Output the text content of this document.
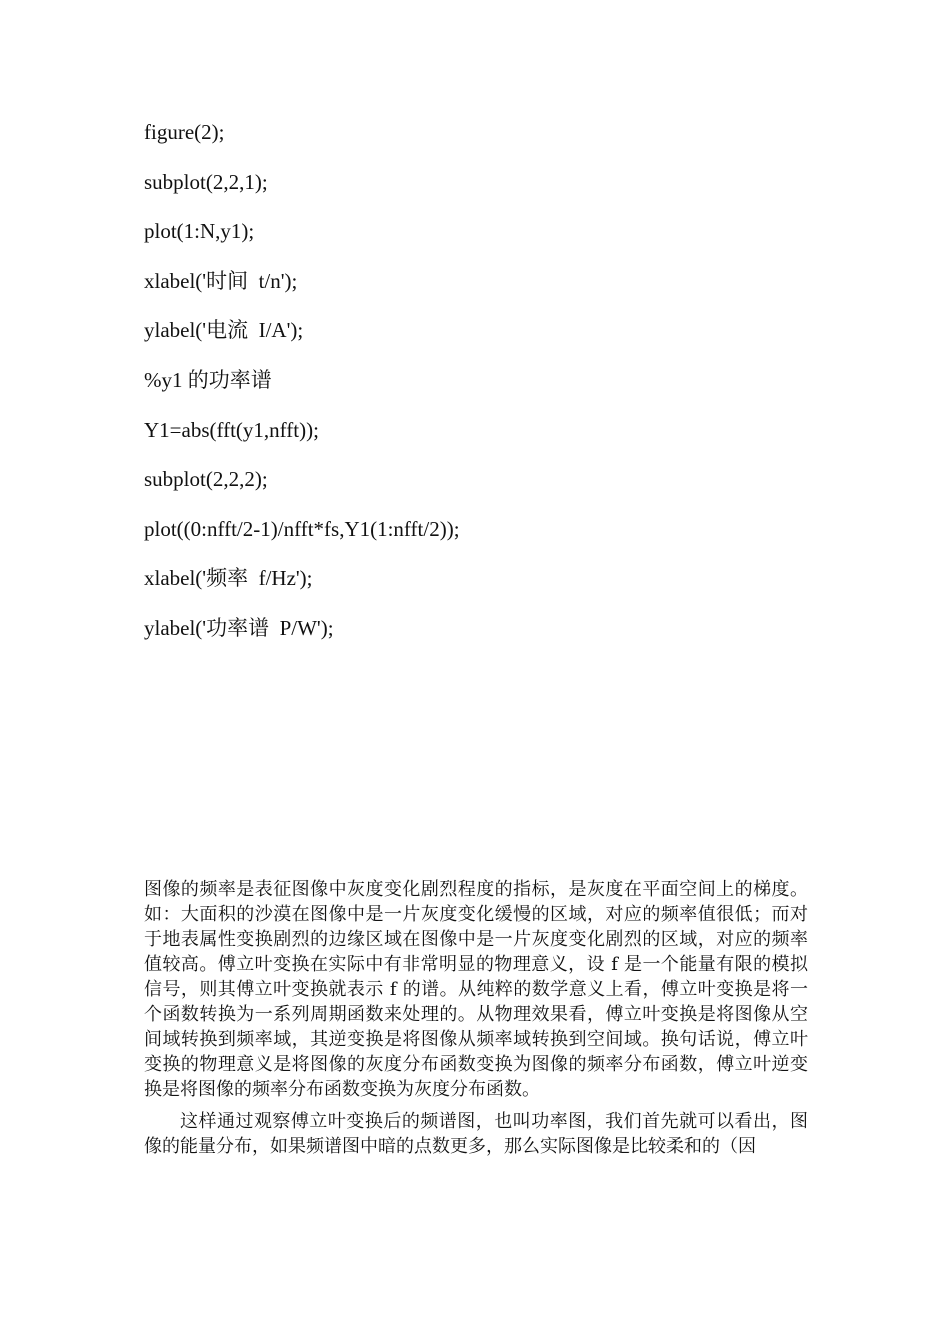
figure(2);
subplot(2,2,1);
plot(1:N,y1);
xlabel('时间  t/n');
ylabel('电流  I/A');
%y1 的功率谱
Y1=abs(fft(y1,nfft));
subplot(2,2,2);
plot((0:nfft/2-1)/nfft*fs,Y1(1:nfft/2));
xlabel('频率  f/Hz');
ylabel('功率谱  P/W');

图像的频率是表征图像中灰度变化剧烈程度的指标，是灰度在平面空间上的梯度。如：大面积的沙漠在图像中是一片灰度变化缓慢的区域，对应的频率值很低；而对于地表属性变换剧烈的边缘区域在图像中是一片灰度变化剧烈的区域，对应的频率值较高。傅立叶变换在实际中有非常明显的物理意义，设 f 是一个能量有限的模拟信号，则其傅立叶变换就表示 f 的谱。从纯粹的数学意义上看，傅立叶变换是将一个函数转换为一系列周期函数来处理的。从物理效果看，傅立叶变换是将图像从空间域转换到频率域，其逆变换是将图像从频率域转换到空间域。换句话说，傅立叶变换的物理意义是将图像的灰度分布函数变换为图像的频率分布函数，傅立叶逆变换是将图像的频率分布函数变换为灰度分布函数。

这样通过观察傅立叶变换后的频谱图，也叫功率图，我们首先就可以看出，图像的能量分布，如果频谱图中暗的点数更多，那么实际图像是比较柔和的（因
